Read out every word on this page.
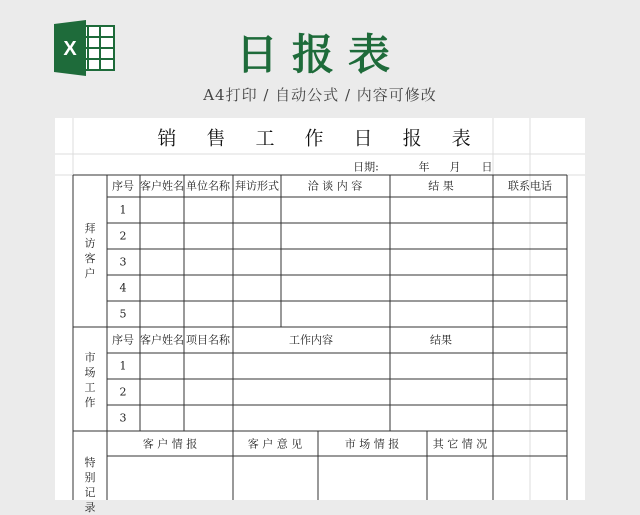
X	日报表
A4打印 / 自动公式 / 内容可修改
销 售 工 作 日 报 表
日期:	年 月 日
拜访客户
序号 客户姓名 单位名称 拜访形式	洽 谈 内 容	结 果	联系电话
1
2
3
4
5
市场工作
序号 客户姓名 项目名称	工作内容	结果
1
2
3
特别记录
客 户 情 报	客 户 意 见	市 场 情 报	其 它 情 况
